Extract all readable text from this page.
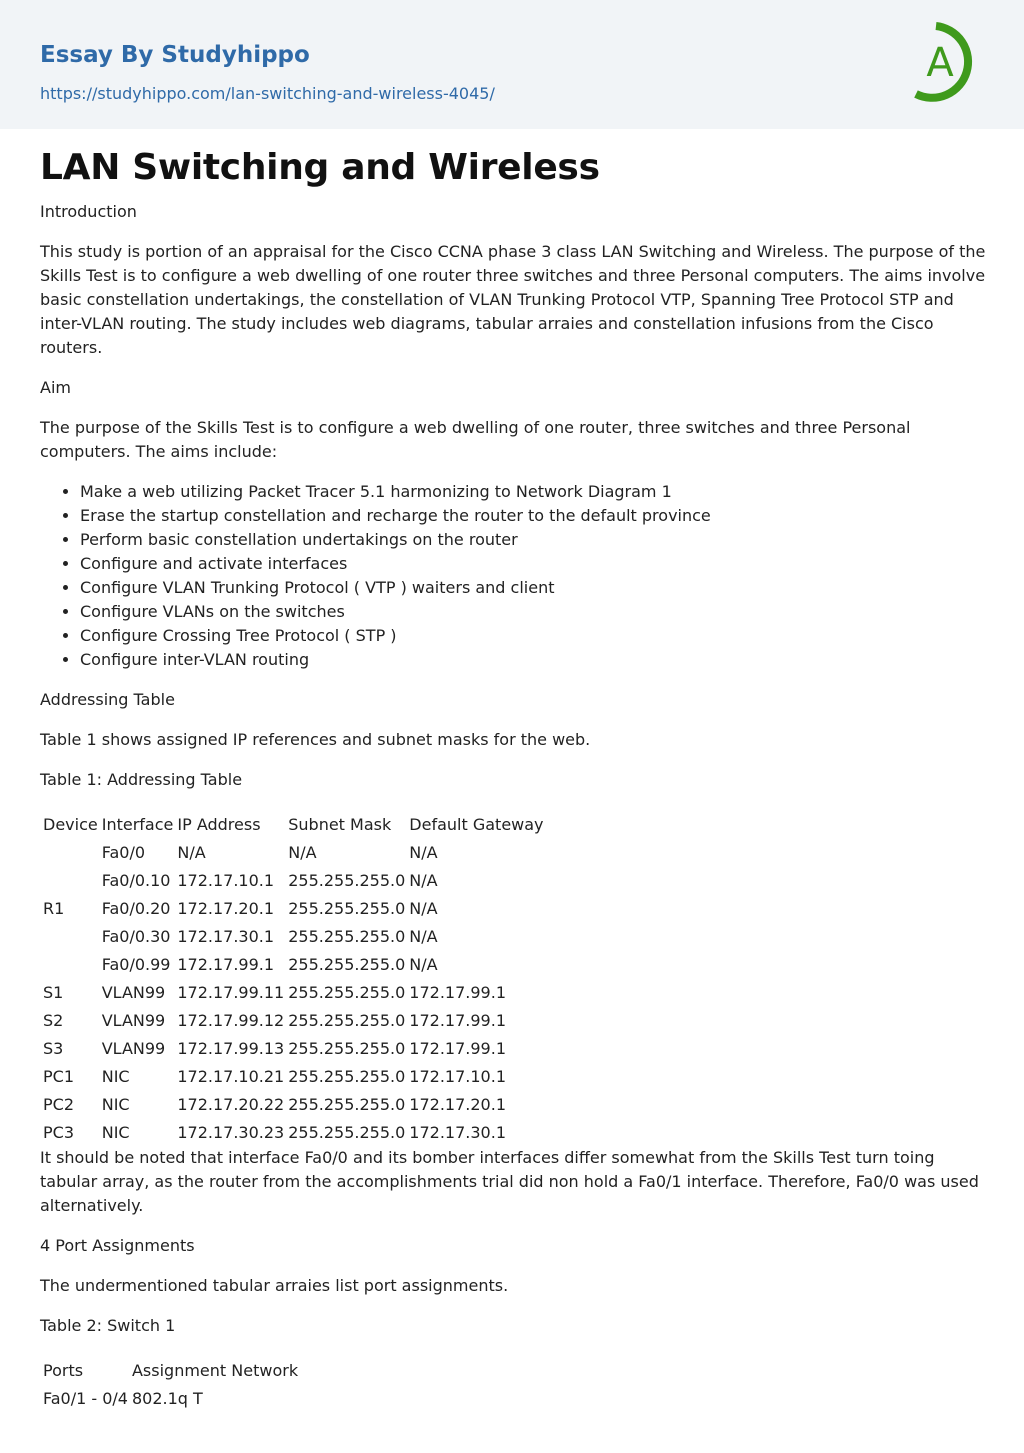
Essay By Studyhippo
https://studyhippo.com/lan-switching-and-wireless-4045/
A
LAN Switching and Wireless

Introduction

This study is portion of an appraisal for the Cisco CCNA phase 3 class LAN Switching and Wireless. The purpose of the Skills Test is to configure a web dwelling of one router three switches and three Personal computers. The aims involve basic constellation undertakings, the constellation of VLAN Trunking Protocol VTP, Spanning Tree Protocol STP and inter-VLAN routing. The study includes web diagrams, tabular arraies and constellation infusions from the Cisco routers.

Aim

The purpose of the Skills Test is to configure a web dwelling of one router, three switches and three Personal computers. The aims include:

• Make a web utilizing Packet Tracer 5.1 harmonizing to Network Diagram 1
• Erase the startup constellation and recharge the router to the default province
• Perform basic constellation undertakings on the router
• Configure and activate interfaces
• Configure VLAN Trunking Protocol ( VTP ) waiters and client
• Configure VLANs on the switches
• Configure Crossing Tree Protocol ( STP )
• Configure inter-VLAN routing

Addressing Table

Table 1 shows assigned IP references and subnet masks for the web.

Table 1: Addressing Table

Device	Interface	IP Address	Subnet Mask	Default Gateway
R1	Fa0/0	N/A	N/A	N/A
	Fa0/0.10	172.17.10.1	255.255.255.0	N/A
	Fa0/0.20	172.17.20.1	255.255.255.0	N/A
	Fa0/0.30	172.17.30.1	255.255.255.0	N/A
	Fa0/0.99	172.17.99.1	255.255.255.0	N/A
S1	VLAN99	172.17.99.11	255.255.255.0	172.17.99.1
S2	VLAN99	172.17.99.12	255.255.255.0	172.17.99.1
S3	VLAN99	172.17.99.13	255.255.255.0	172.17.99.1
PC1	NIC	172.17.10.21	255.255.255.0	172.17.10.1
PC2	NIC	172.17.20.22	255.255.255.0	172.17.20.1
PC3	NIC	172.17.30.23	255.255.255.0	172.17.30.1

It should be noted that interface Fa0/0 and its bomber interfaces differ somewhat from the Skills Test turn toing tabular array, as the router from the accomplishments trial did non hold a Fa0/1 interface. Therefore, Fa0/0 was used alternatively.

4 Port Assignments

The undermentioned tabular arraies list port assignments.

Table 2: Switch 1

Ports	Assignment Network
Fa0/1 - 0/4	802.1q T
